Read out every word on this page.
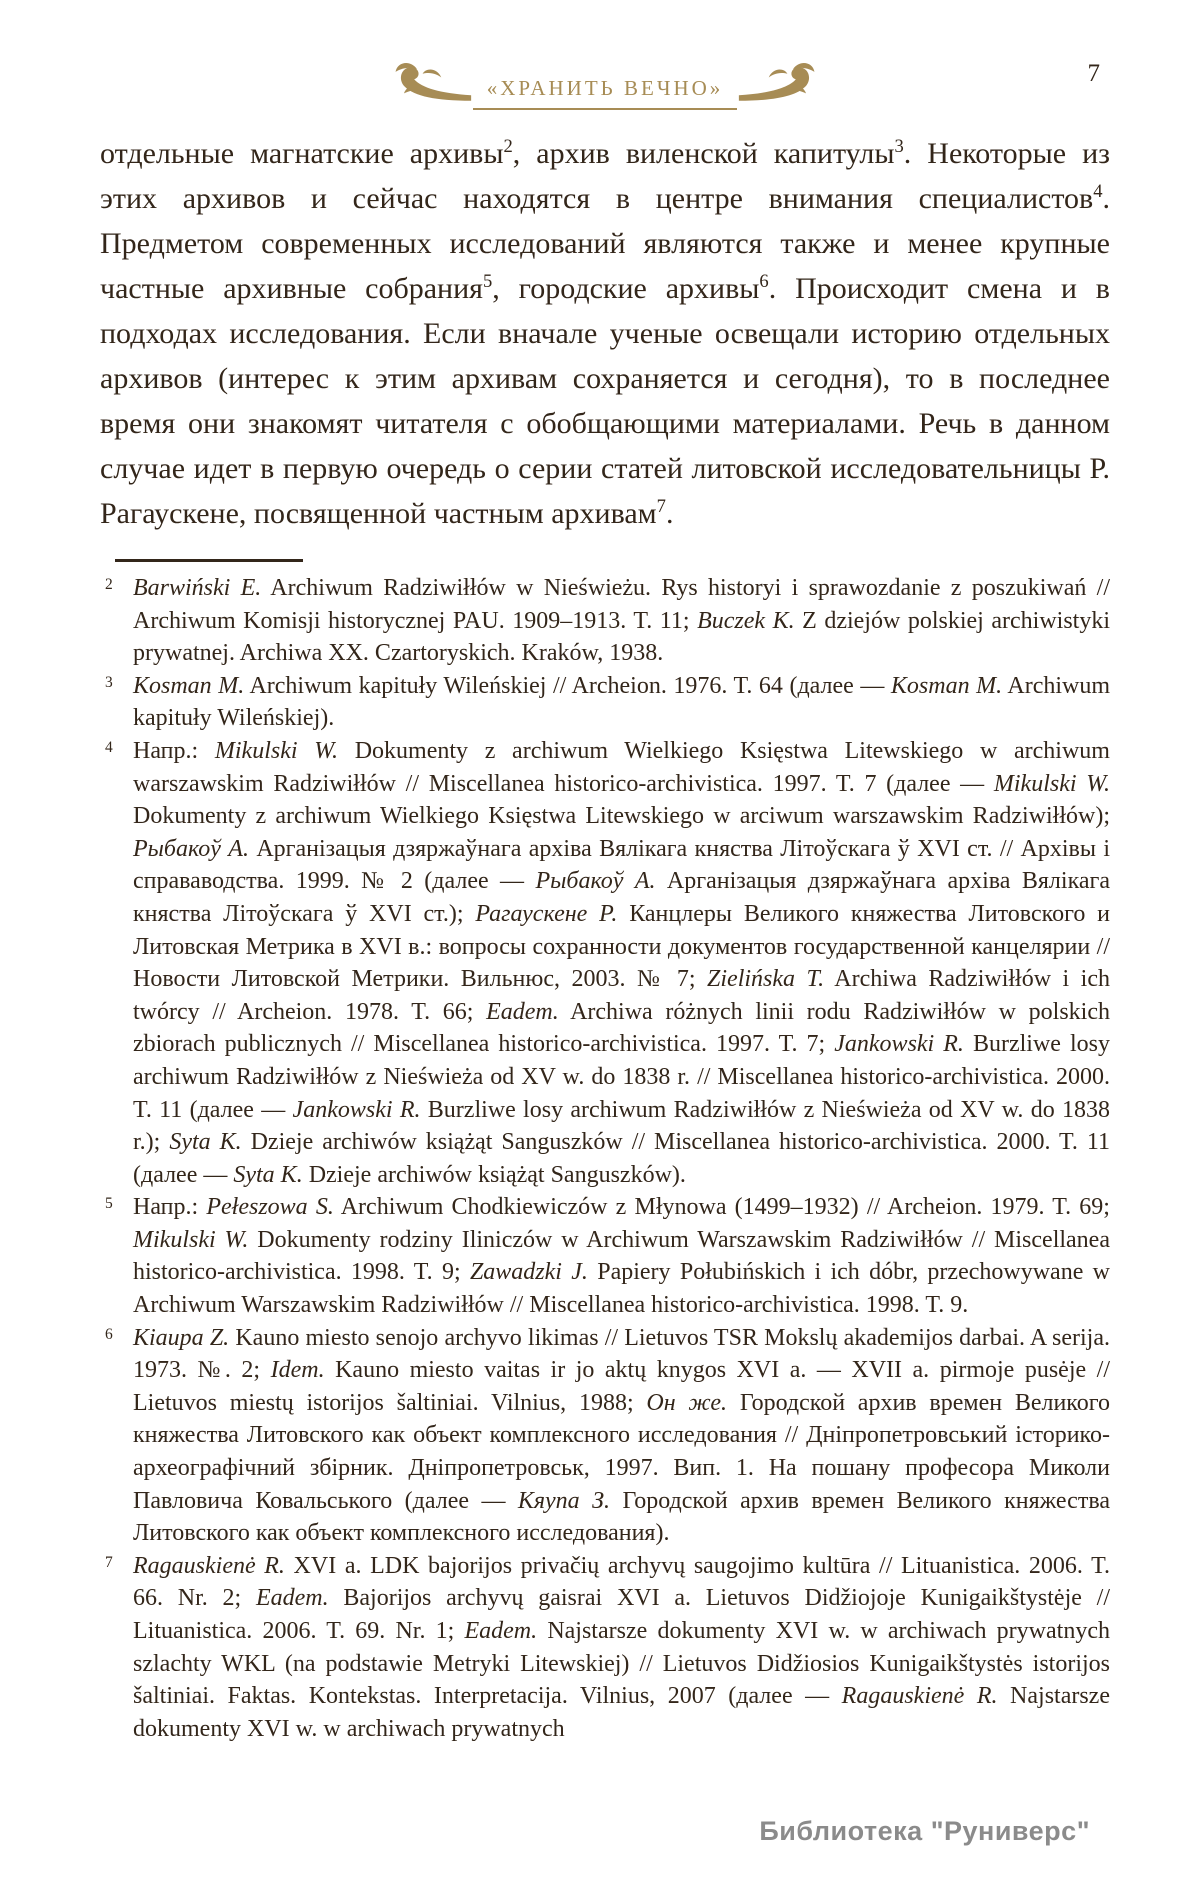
«ХРАНИТЬ ВЕЧНО»
7
отдельные магнатские архивы$^2$, архив виленской капитулы$^3$. Некоторые из этих архивов и сейчас находятся в центре внимания специалистов$^4$. Предметом современных исследований являются также и менее крупные частные архивные собрания$^5$, городские архивы$^6$. Происходит смена и в подходах исследования. Если вначале ученые освещали историю отдельных архивов (интерес к этим архивам сохраняется и сегодня), то в последнее время они знакомят читателя с обобщающими материалами. Речь в данном случае идет в первую очередь о серии статей литовской исследовательницы Р. Рагаускене, посвященной частным архивам$^7$.
2 Barwiński E. Archiwum Radziwiłłów w Nieświeżu. Rys historyi i sprawozdanie z poszukiwań // Archiwum Komisji historycznej PAU. 1909–1913. T. 11; Buczek K. Z dziejów polskiej archiwistyki prywatnej. Archiwa XX. Czartoryskich. Kraków, 1938.
3 Kosman M. Archiwum kapituły Wileńskiej // Archeion. 1976. T. 64 (далее — Kosman M. Archiwum kapituły Wileńskiej).
4 Напр.: Mikulski W. Dokumenty z archiwum Wielkiego Księstwa Litewskiego w archiwum warszawskim Radziwiłłów // Miscellanea historico-archivistica. 1997. T. 7 (далее — Mikulski W. Dokumenty z archiwum Wielkiego Księstwa Litewskiego w arciwum warszawskim Radziwiłłów); Рыбакоў А. Арганізацыя дзяржаўнага архіва Вялікага княства Літоўскага ў XVI ст. // Архівы і справаводства. 1999. № 2 (далее — Рыбакоў А. Арганізацыя дзяржаўнага архіва Вялікага княства Літоўскага ў XVI ст.); Рагаускене Р. Канцлеры Великого княжества Литовского и Литовская Метрика в XVI в.: вопросы сохранности документов государственной канцелярии // Новости Литовской Метрики. Вильнюс, 2003. № 7; Zielińska T. Archiwa Radziwiłłów i ich twórcy // Archeion. 1978. T. 66; Eadem. Archiwa różnych linii rodu Radziwiłłów w polskich zbiorach publicznych // Miscellanea historico-archivistica. 1997. T. 7; Jankowski R. Burzliwe losy archiwum Radziwiłłów z Nieświeża od XV w. do 1838 r. // Miscellanea historico-archivistica. 2000. T. 11 (далее — Jankowski R. Burzliwe losy archiwum Radziwiłłów z Nieświeża od XV w. do 1838 r.); Syta K. Dzieje archiwów książąt Sanguszków // Miscellanea historico-archivistica. 2000. T. 11 (далее — Syta K. Dzieje archiwów książąt Sanguszków).
5 Напр.: Pełeszowa S. Archiwum Chodkiewiczów z Młynowa (1499–1932) // Archeion. 1979. T. 69; Mikulski W. Dokumenty rodziny Iliniczów w Archiwum Warszawskim Radziwiłłów // Miscellanea historico-archivistica. 1998. T. 9; Zawadzki J. Papiery Połubińskich i ich dóbr, przechowywane w Archiwum Warszawskim Radziwiłłów // Miscellanea historico-archivistica. 1998. T. 9.
6 Kiaupa Z. Kauno miesto senojo archyvo likimas // Lietuvos TSR Mokslų akademijos darbai. A serija. 1973. №. 2; Idem. Kauno miesto vaitas ir jo aktų knygos XVI a. — XVII a. pirmoje pusėje // Lietuvos miestų istorijos šaltiniai. Vilnius, 1988; Он же. Городской архив времен Великого княжества Литовского как объект комплексного исследования // Дніпропетровський історико-археографічний збірник. Дніпропетровськ, 1997. Вип. 1. На пошану професора Миколи Павловича Ковальського (далее — Кяупа З. Городской архив времен Великого княжества Литовского как объект комплексного исследования).
7 Ragauskienė R. XVI a. LDK bajorijos privačių archyvų saugojimo kultūra // Lituanistica. 2006. T. 66. Nr. 2; Eadem. Bajorijos archyvų gaisrai XVI a. Lietuvos Didžiojoje Kunigaikštystėje // Lituanistica. 2006. T. 69. Nr. 1; Eadem. Najstarsze dokumenty XVI w. w archiwach prywatnych szlachty WKL (na podstawie Metryki Litewskiej) // Lietuvos Didžiosios Kunigaikštystės istorijos šaltiniai. Faktas. Kontekstas. Interpretacija. Vilnius, 2007 (далее — Ragauskienė R. Najstarsze dokumenty XVI w. w archiwach prywatnych
Библиотека "Руниверс"
